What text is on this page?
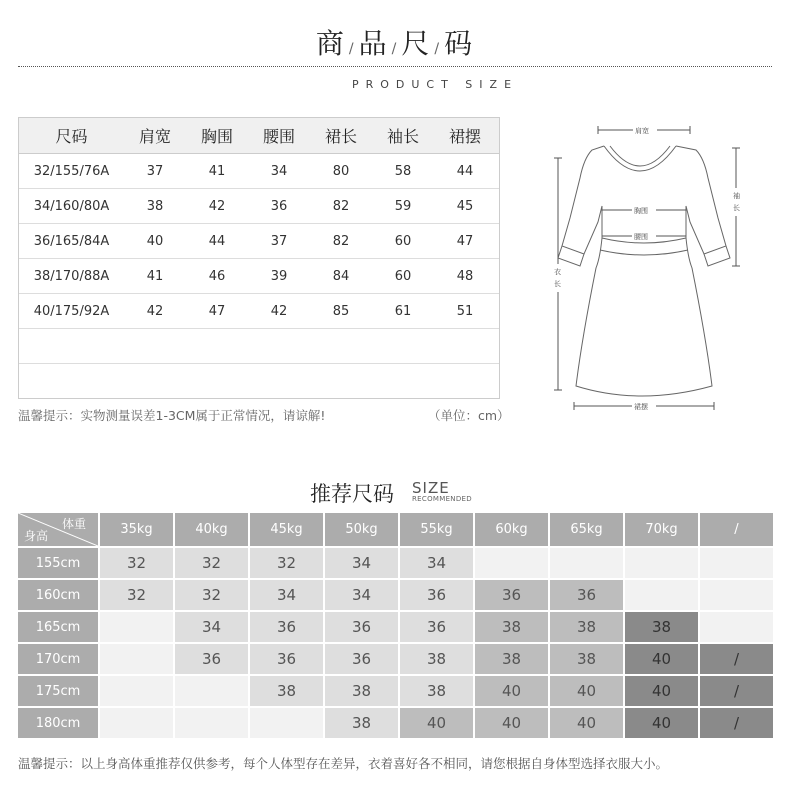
商 / 品 / 尺 / 码
PRODUCT SIZE
尺码	肩宽	胸围	腰围	裙长	袖长	裙摆
32/155/76A	37	41	34	80	58	44
34/160/80A	38	42	36	82	59	45
36/165/84A	40	44	37	82	60	47
38/170/88A	41	46	39	84	60	48
40/175/92A	42	47	42	85	61	51
温馨提示：实物测量误差1-3CM属于正常情况，请谅解!	（单位：cm）
肩宽
胸围
腰围
裙摆
袖
长
衣
长
推荐尺码 SIZE
RECOMMENDED
体重
身高	35kg	40kg	45kg	50kg	55kg	60kg	65kg	70kg	/
155cm	32	32	32	34	34				
160cm	32	32	34	34	36	36	36		
165cm		34	36	36	36	38	38	38	
170cm		36	36	36	38	38	38	40	/
175cm			38	38	38	40	40	40	/
180cm				38	40	40	40	40	/
温馨提示：以上身高体重推荐仅供参考，每个人体型存在差异，衣着喜好各不相同，请您根据自身体型选择衣服大小。
